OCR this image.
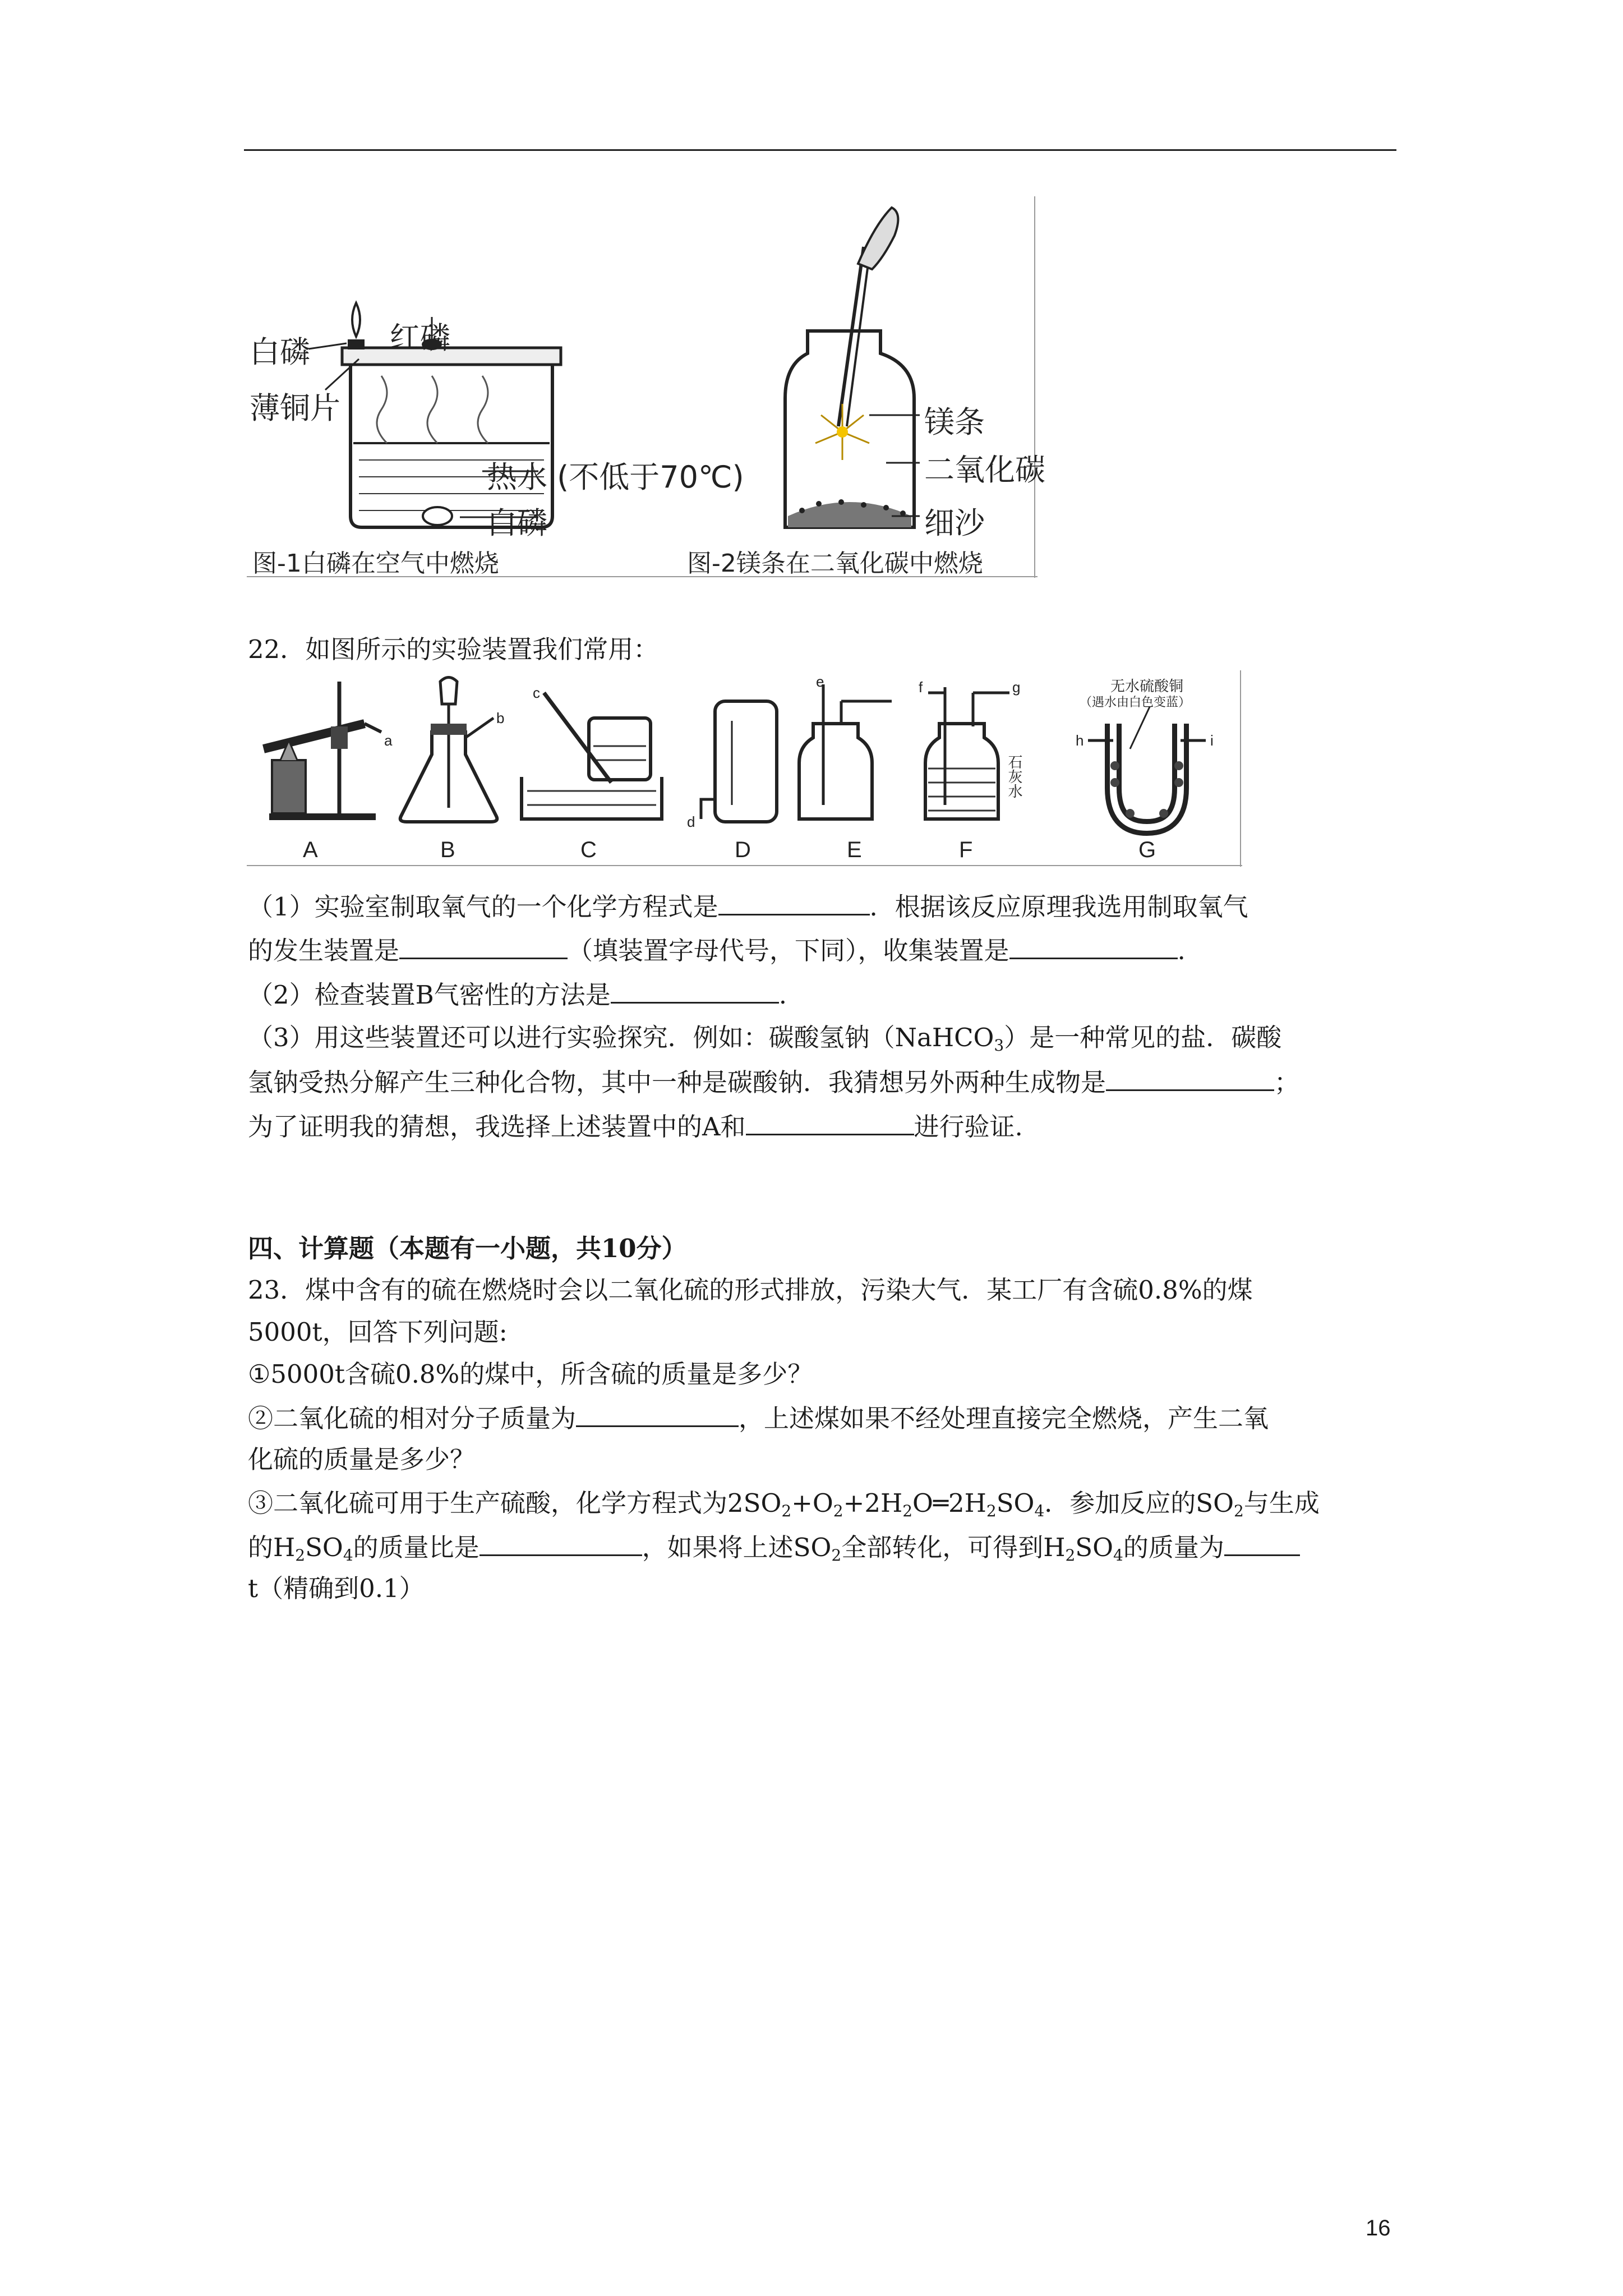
红磷
白磷
薄铜片
热水 (不低于70℃)
白磷
图-1白磷在空气中燃烧
镁条
二氧化碳
细沙
图-2镁条在二氧化碳中燃烧
22．如图所示的实验装置我们常用：
A	B	C	D	E	F	G
a
b
c
d
e	f	g
h	i
石灰水
无水硫酸铜
（遇水由白色变蓝）
（1）实验室制取氧气的一个化学方程式是	．根据该反应原理我选用制取氧气
的发生装置是	（填装置字母代号，下同），收集装置是	.
（2）检查装置B气密性的方法是	.
（3）用这些装置还可以进行实验探究．例如：碳酸氢钠（NaHCO$_3$）是一种常见的盐．碳酸
氢钠受热分解产生三种化合物，其中一种是碳酸钠．我猜想另外两种生成物是	；
为了证明我的猜想，我选择上述装置中的A和	进行验证.
四、计算题（本题有一小题，共10分）
23．煤中含有的硫在燃烧时会以二氧化硫的形式排放，污染大气．某工厂有含硫0.8%的煤
5000t，回答下列问题:
①5000t含硫0.8%的煤中，所含硫的质量是多少？
②二氧化硫的相对分子质量为	，上述煤如果不经处理直接完全燃烧，产生二氧
化硫的质量是多少？
③二氧化硫可用于生产硫酸，化学方程式为$2SO_2+O_2+2H_2O═2H_2SO_4$．参加反应的$SO_2$与生成
的$H_2SO_4$的质量比是	，如果将上述$SO_2$全部转化，可得到$H_2SO_4$的质量为
t（精确到0.1）
16
